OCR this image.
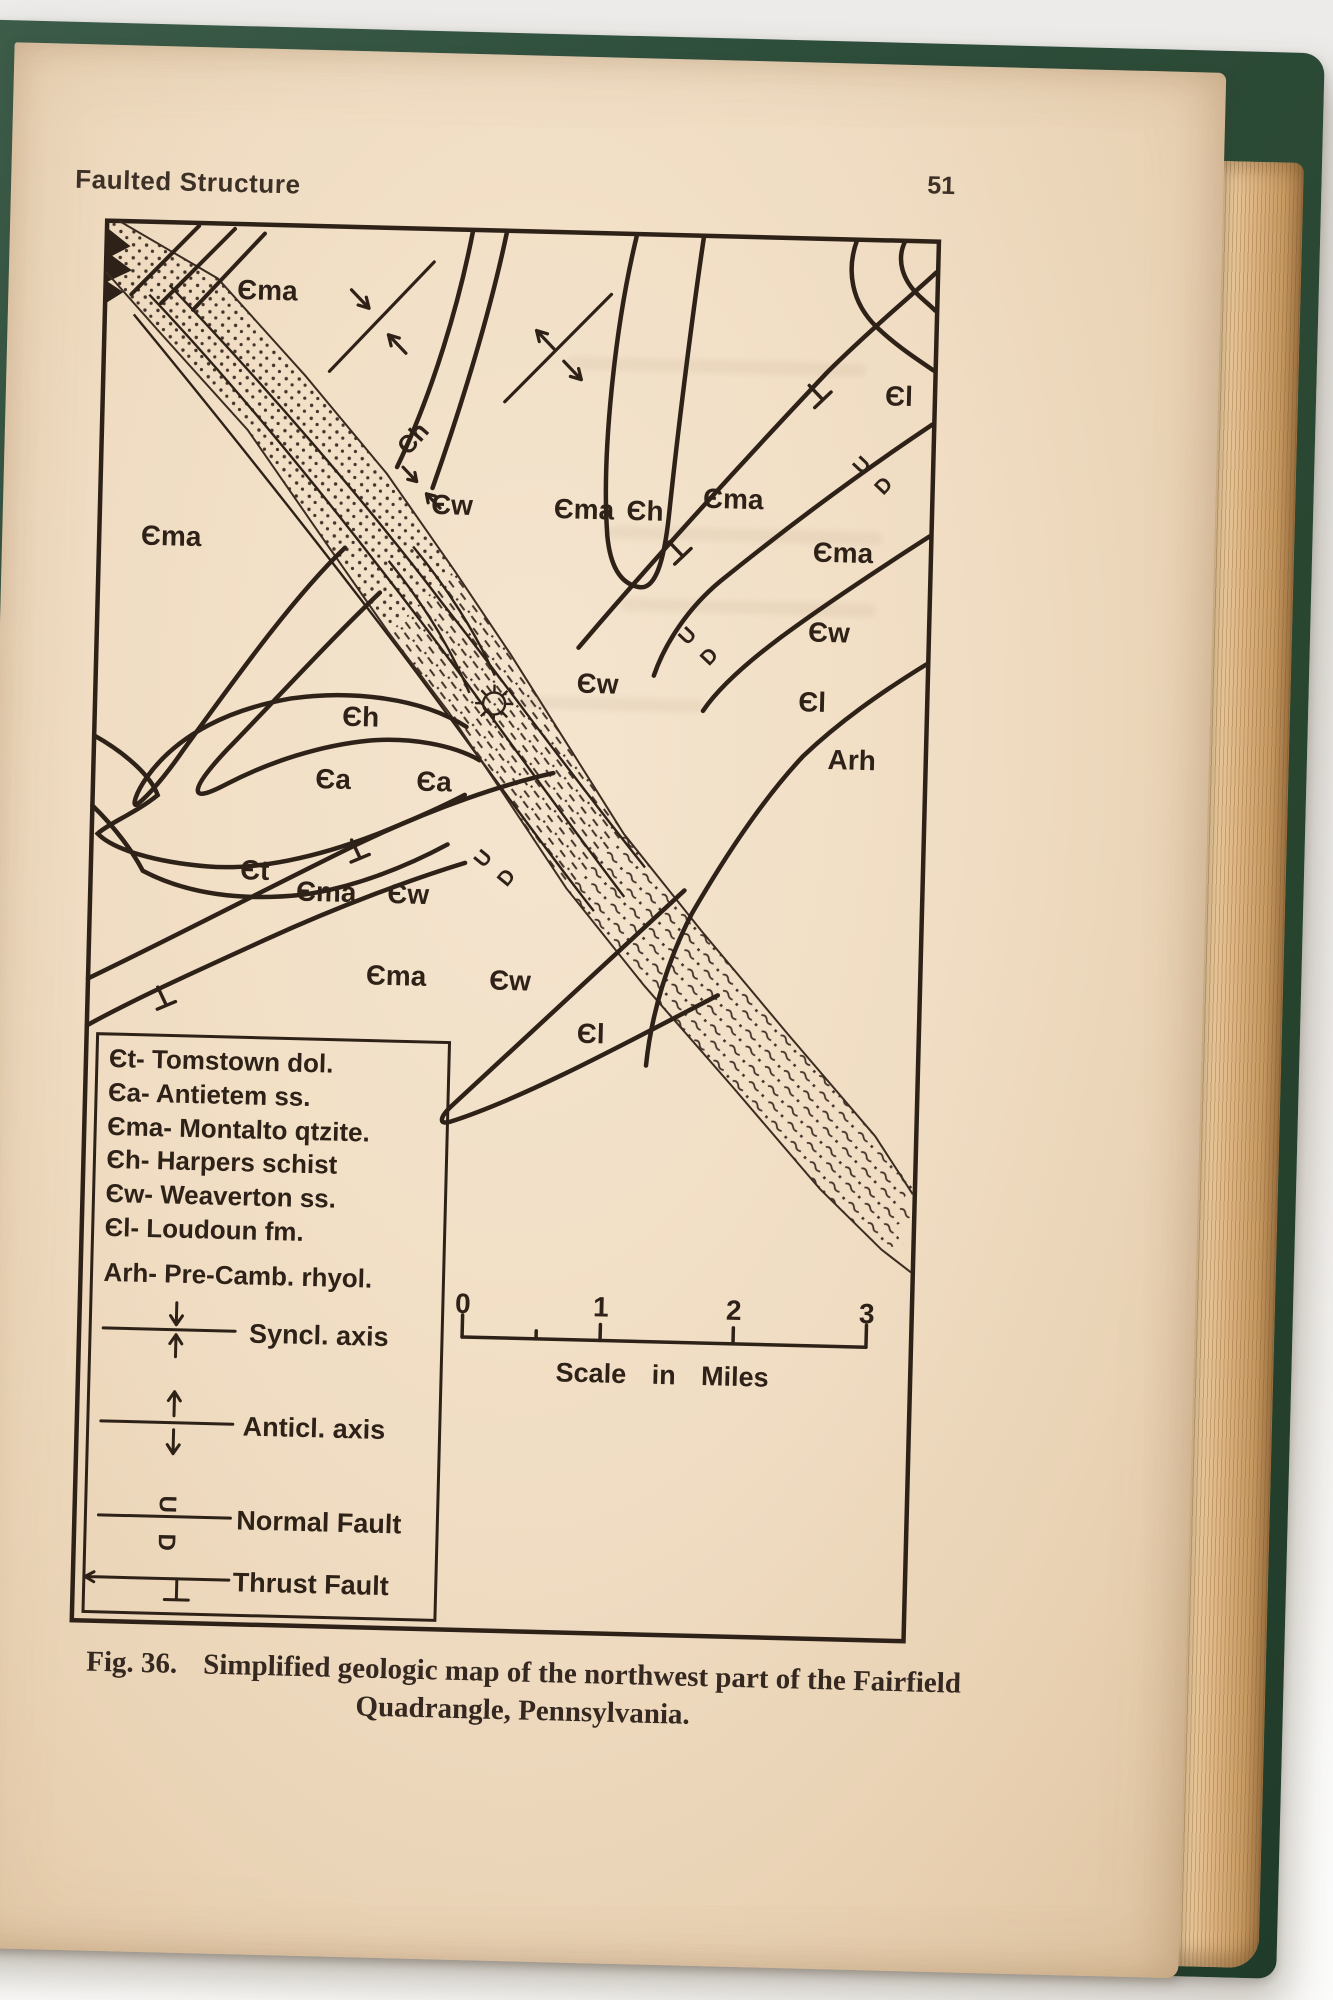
Faulted Structure	51
Єma
Єma
Єh
Єw	Єma Єh Єma
Єma
Єl
Єw
Єl
Arh
Єw
Єh
Єa Єa
Єt
Єma Єw
Єma Єw
Єl
U
D
U
D
U
D
Єt- Tomstown dol.
Єa- Antietem ss.
Єma- Montalto qtzite.
Єh- Harpers schist
Єw- Weaverton ss.
Єl- Loudoun fm.
Arh- Pre-Camb. rhyol.
Syncl. axis
Anticl. axis
Normal Fault
Thrust Fault
U
D
0	1	2	3
Scale in Miles
Fig. 36. Simplified geologic map of the northwest part of the Fairfield
Quadrangle, Pennsylvania.
